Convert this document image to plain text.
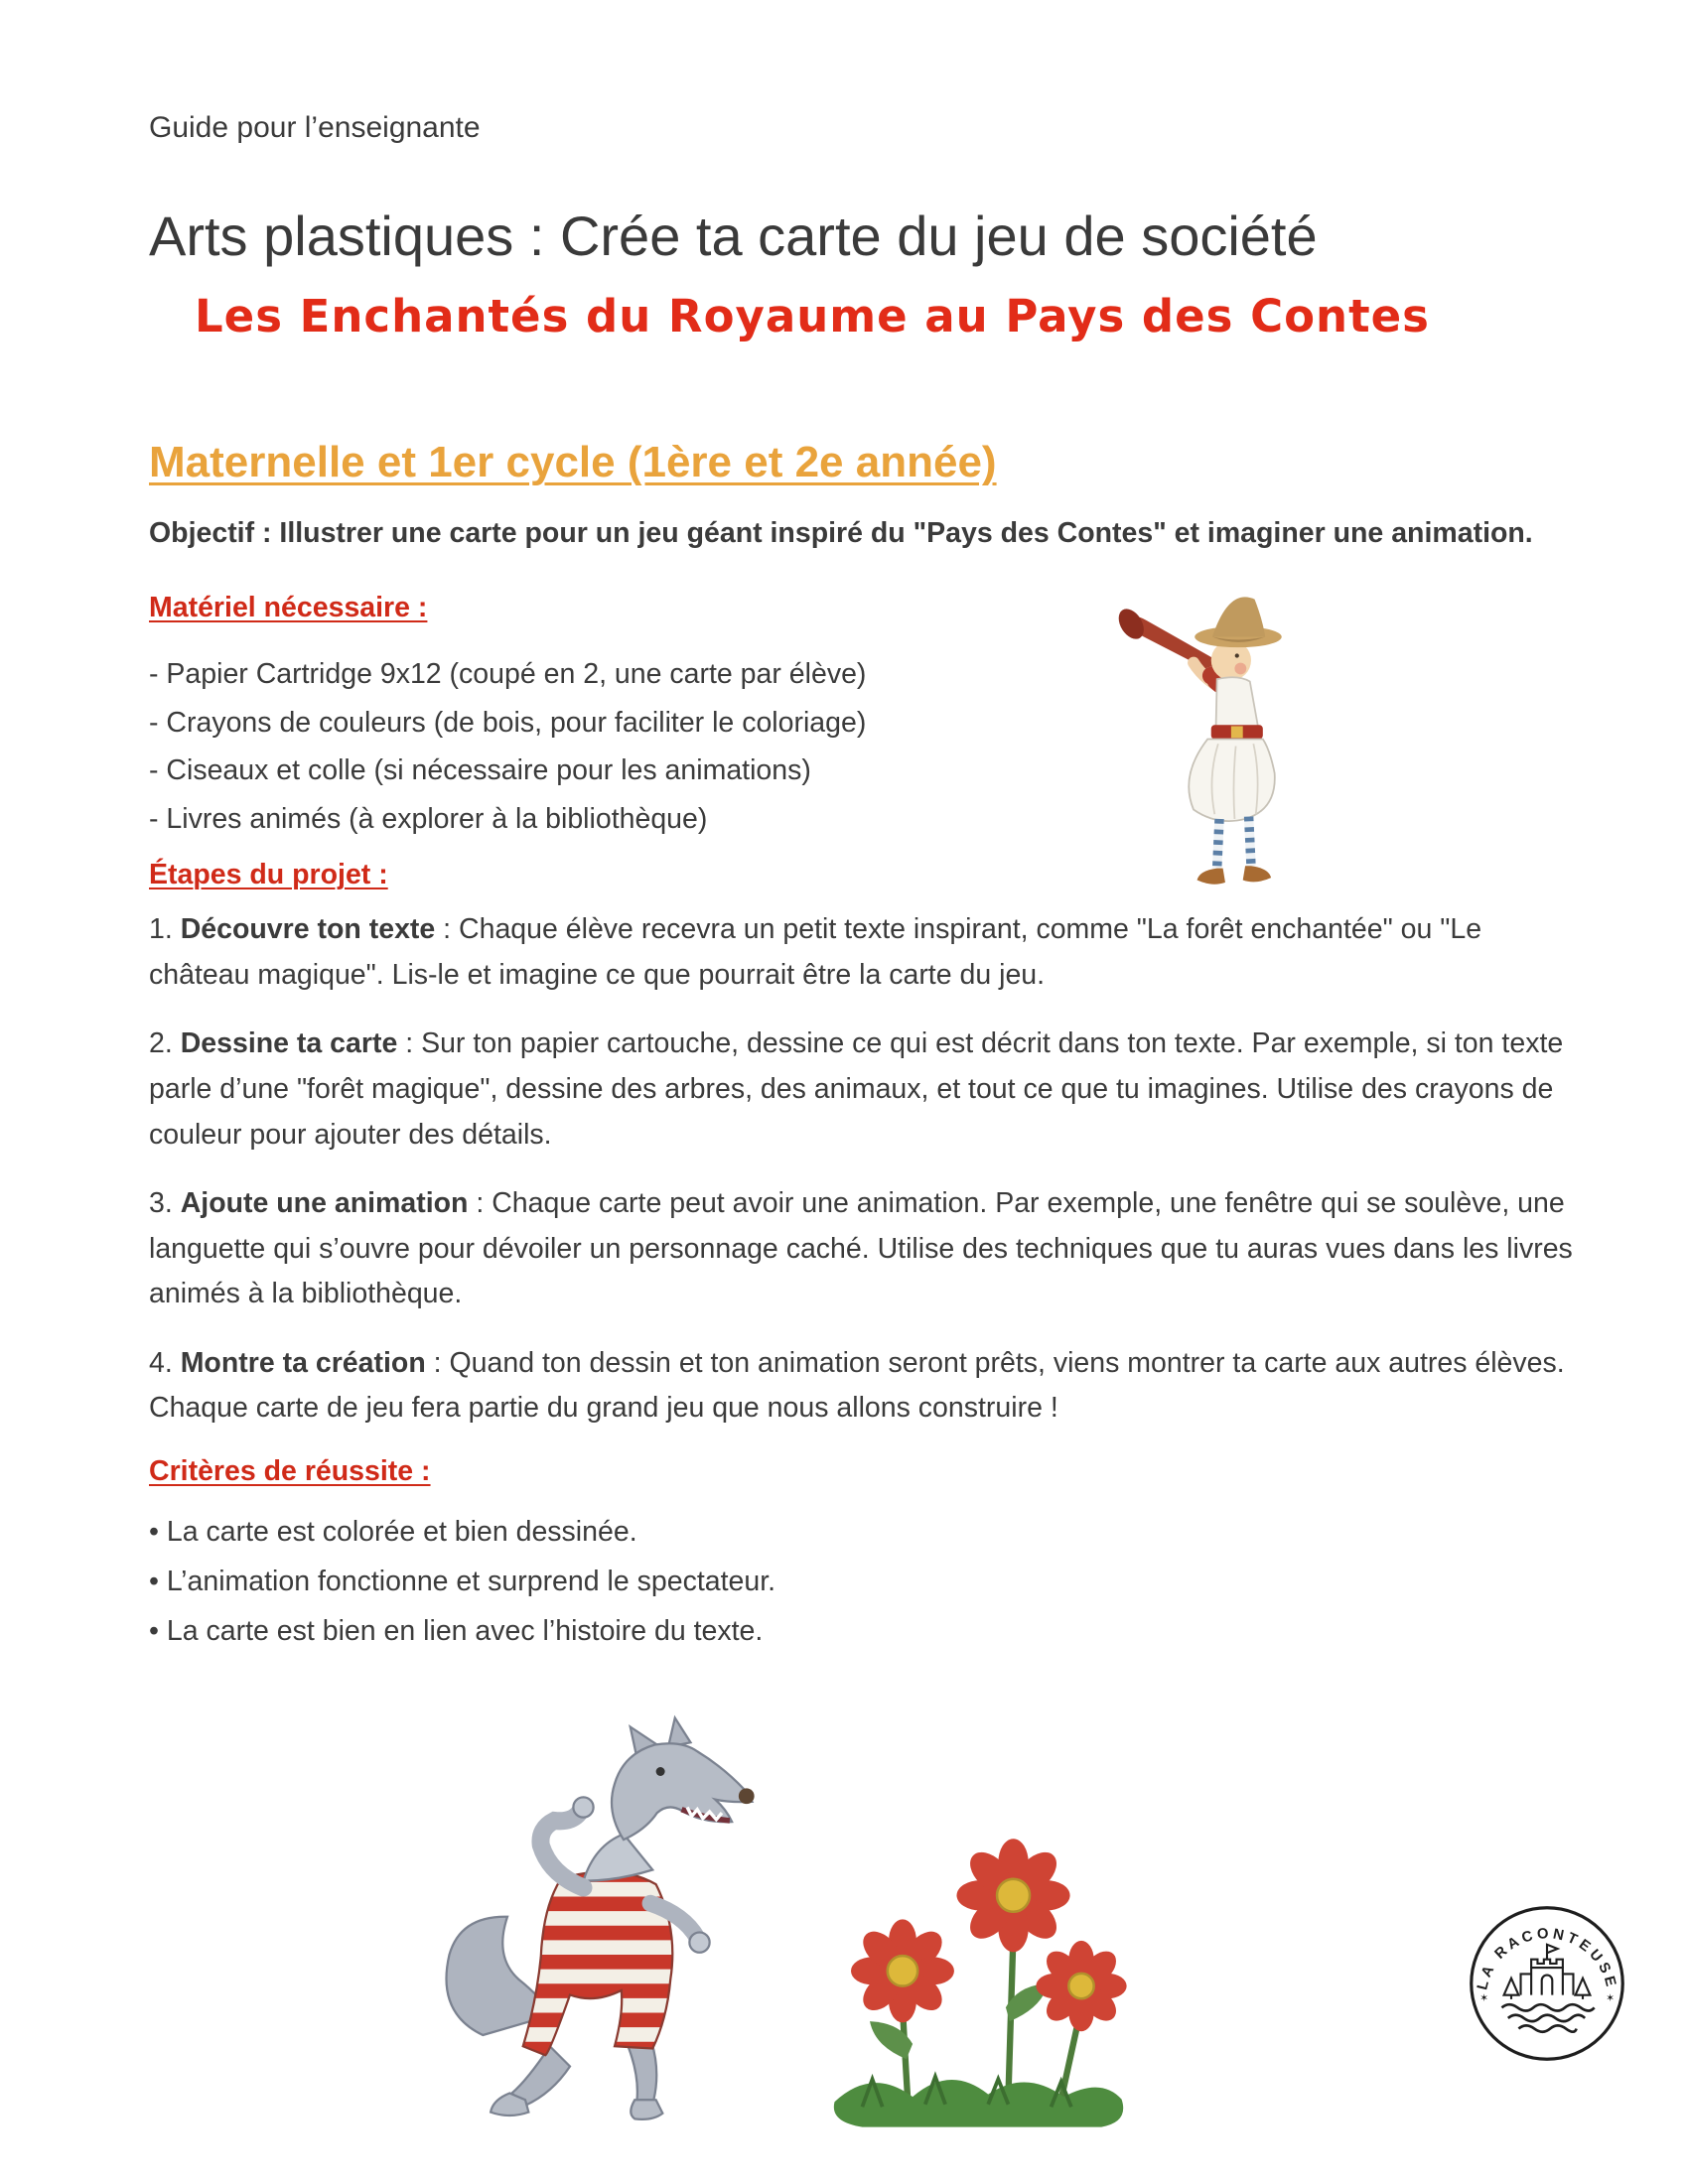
Guide pour l’enseignante

Arts plastiques : Crée ta carte du jeu de société

Les Enchantés du Royaume au Pays des Contes

Maternelle et 1er cycle (1ère et 2e année)

Objectif : Illustrer une carte pour un jeu géant inspiré du "Pays des Contes" et imaginer une animation.

Matériel nécessaire :

- Papier Cartridge 9x12 (coupé en 2, une carte par élève)
- Crayons de couleurs (de bois, pour faciliter le coloriage)
- Ciseaux et colle (si nécessaire pour les animations)
- Livres animés (à explorer à la bibliothèque)

Étapes du projet :

1. Découvre ton texte : Chaque élève recevra un petit texte inspirant, comme "La forêt enchantée" ou "Le château magique". Lis-le et imagine ce que pourrait être la carte du jeu.

2. Dessine ta carte : Sur ton papier cartouche, dessine ce qui est décrit dans ton texte. Par exemple, si ton texte parle d’une "forêt magique", dessine des arbres, des animaux, et tout ce que tu imagines. Utilise des crayons de couleur pour ajouter des détails.

3. Ajoute une animation : Chaque carte peut avoir une animation. Par exemple, une fenêtre qui se soulève, une languette qui s’ouvre pour dévoiler un personnage caché. Utilise des techniques que tu auras vues dans les livres animés à la bibliothèque.

4. Montre ta création : Quand ton dessin et ton animation seront prêts, viens montrer ta carte aux autres élèves. Chaque carte de jeu fera partie du grand jeu que nous allons construire !

Critères de réussite :

• La carte est colorée et bien dessinée.
• L’animation fonctionne et surprend le spectateur.
• La carte est bien en lien avec l’histoire du texte.
LA RACONTEUSE
✶	✶
